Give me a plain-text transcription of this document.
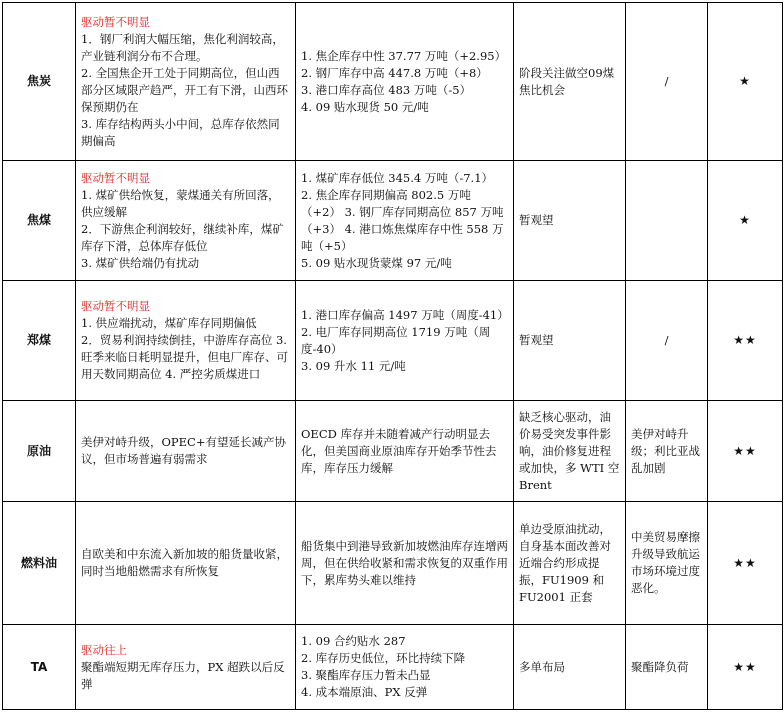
焦炭	驱动暂不明显
1．钢厂利润大幅压缩，焦化利润较高，产业链利润分布不合理。
2. 全国焦企开工处于同期高位，但山西部分区域限产趋严，开工有下滑，山西环保预期仍在
3. 库存结构两头小中间，总库存依然同期偏高	1. 焦企库存中性 37.77 万吨（+2.95）
2. 钢厂库存中高 447.8 万吨（+8）
3. 港口库存高位 483 万吨（-5）
4. 09 贴水现货 50 元/吨	阶段关注做空09煤焦比机会	/	★
焦煤	驱动暂不明显
1. 煤矿供给恢复，蒙煤通关有所回落，供应缓解
2．下游焦企利润较好，继续补库，煤矿库存下滑，总体库存低位
3. 煤矿供给端仍有扰动	1. 煤矿库存低位 345.4 万吨（-7.1）
2. 焦企库存同期偏高 802.5 万吨（+2） 3. 钢厂库存同期高位 857 万吨（+3） 4. 港口炼焦煤库存中性 558 万吨（+5）
5. 09 贴水现货蒙煤 97 元/吨	暂观望		★
郑煤	驱动暂不明显
1. 供应端扰动，煤矿库存同期偏低
2．贸易利润持续倒挂，中游库存高位 3. 旺季来临日耗明显提升，但电厂库存、可用天数同期高位 4. 严控劣质煤进口	1. 港口库存偏高 1497 万吨（周度-41）
2. 电厂库存同期高位 1719 万吨（周度-40）
3. 09 升水 11 元/吨	暂观望	/	★★
原油	美伊对峙升级，OPEC+有望延长减产协议，但市场普遍有弱需求	OECD 库存并未随着减产行动明显去化，但美国商业原油库存开始季节性去库，库存压力缓解	缺乏核心驱动，油价易受突发事件影响，油价修复进程或加快，多 WTI 空 Brent	美伊对峙升级；利比亚战乱加剧	★★
燃料油	自欧美和中东流入新加坡的船货量收紧，同时当地船燃需求有所恢复	船货集中到港导致新加坡燃油库存连增两周，但在供给收紧和需求恢复的双重作用下，累库势头难以维持	单边受原油扰动，自身基本面改善对近端合约形成提振，FU1909 和 FU2001 正套	中美贸易摩擦升级导致航运市场环境过度恶化。	★★
TA	驱动往上
聚酯端短期无库存压力，PX 超跌以后反弹	1. 09 合约贴水 287
2. 库存历史低位，环比持续下降
3. 聚酯库存压力暂未凸显
4. 成本端原油、PX 反弹	多单布局	聚酯降负荷	★★
